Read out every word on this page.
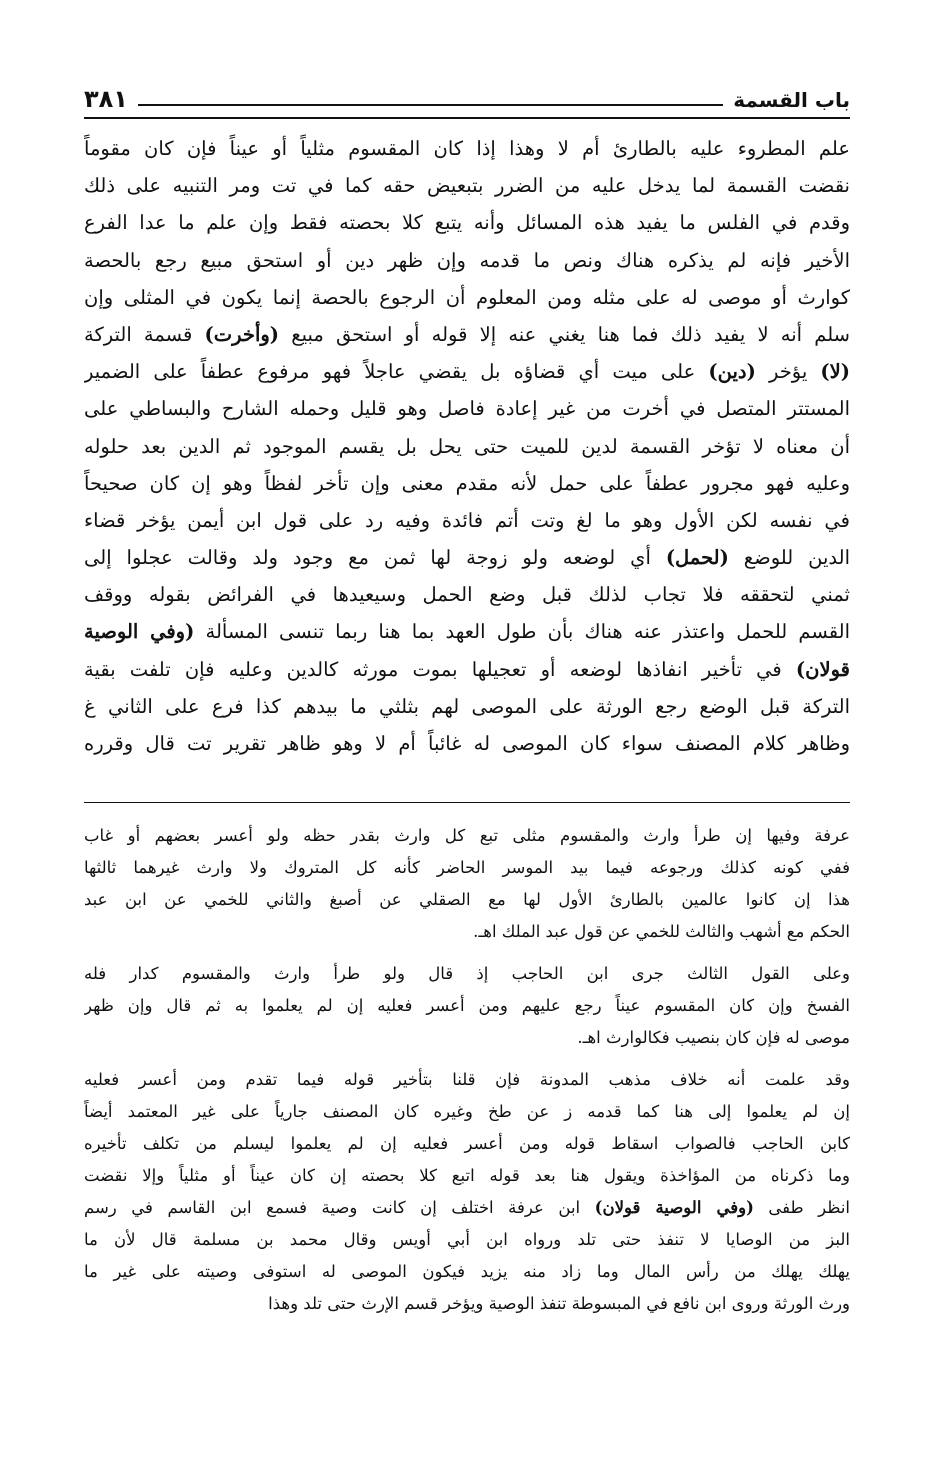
باب القسمة
٣٨١
علم المطروء عليه بالطارئ أم لا وهذا إذا كان المقسوم مثلياً أو عيناً فإن كان مقوماً
نقضت القسمة لما يدخل عليه من الضرر بتبعيض حقه كما في تت ومر التنبيه على ذلك
وقدم في الفلس ما يفيد هذه المسائل وأنه يتبع كلا بحصته فقط وإن علم ما عدا الفرع
الأخير فإنه لم يذكره هناك ونص ما قدمه وإن ظهر دين أو استحق مبيع رجع بالحصة
كوارث أو موصى له على مثله ومن المعلوم أن الرجوع بالحصة إنما يكون في المثلى وإن
سلم أنه لا يفيد ذلك فما هنا يغني عنه إلا قوله أو استحق مبيع (وأخرت) قسمة التركة
(لا) يؤخر (دين) على ميت أي قضاؤه بل يقضي عاجلاً فهو مرفوع عطفاً على الضمير
المستتر المتصل في أخرت من غير إعادة فاصل وهو قليل وحمله الشارح والبساطي على
أن معناه لا تؤخر القسمة لدين للميت حتى يحل بل يقسم الموجود ثم الدين بعد حلوله
وعليه فهو مجرور عطفاً على حمل لأنه مقدم معنى وإن تأخر لفظاً وهو إن كان صحيحاً
في نفسه لكن الأول وهو ما لغ وتت أتم فائدة وفيه رد على قول ابن أيمن يؤخر قضاء
الدين للوضع (لحمل) أي لوضعه ولو زوجة لها ثمن مع وجود ولد وقالت عجلوا إلى
ثمني لتحققه فلا تجاب لذلك قبل وضع الحمل وسيعيدها في الفرائض بقوله ووقف
القسم للحمل واعتذر عنه هناك بأن طول العهد بما هنا ربما تنسى المسألة (وفي الوصية
قولان) في تأخير انفاذها لوضعه أو تعجيلها بموت مورثه كالدين وعليه فإن تلفت بقية
التركة قبل الوضع رجع الورثة على الموصى لهم بثلثي ما بيدهم كذا فرع على الثاني غ
وظاهر كلام المصنف سواء كان الموصى له غائباً أم لا وهو ظاهر تقرير تت قال وقرره
عرفة وفيها إن طرأ وارث والمقسوم مثلى تبع كل وارث بقدر حظه ولو أعسر بعضهم أو غاب
ففي كونه كذلك ورجوعه فيما بيد الموسر الحاضر كأنه كل المتروك ولا وارث غيرهما ثالثها
هذا إن كانوا عالمين بالطارئ الأول لها مع الصقلي عن أصبغ والثاني للخمي عن ابن عبد
الحكم مع أشهب والثالث للخمي عن قول عبد الملك اهـ.
وعلى القول الثالث جرى ابن الحاجب إذ قال ولو طرأ وارث والمقسوم كدار فله
الفسخ وإن كان المقسوم عيناً رجع عليهم ومن أعسر فعليه إن لم يعلموا به ثم قال وإن ظهر
موصى له فإن كان بنصيب فكالوارث اهـ.
وقد علمت أنه خلاف مذهب المدونة فإن قلنا بتأخير قوله فيما تقدم ومن أعسر فعليه
إن لم يعلموا إلى هنا كما قدمه ز عن طخ وغيره كان المصنف جارياً على غير المعتمد أيضاً
كابن الحاجب فالصواب اسقاط قوله ومن أعسر فعليه إن لم يعلموا ليسلم من تكلف تأخيره
وما ذكرناه من المؤاخذة ويقول هنا بعد قوله اتبع كلا بحصته إن كان عيناً أو مثلياً وإلا نقضت
انظر طفى (وفي الوصية قولان) ابن عرفة اختلف إن كانت وصية فسمع ابن القاسم في رسم
البز من الوصايا لا تنفذ حتى تلد ورواه ابن أبي أويس وقال محمد بن مسلمة قال لأن ما
يهلك يهلك من رأس المال وما زاد منه يزيد فيكون الموصى له استوفى وصيته على غير ما
ورث الورثة وروى ابن نافع في المبسوطة تنفذ الوصية ويؤخر قسم الإرث حتى تلد وهذا
